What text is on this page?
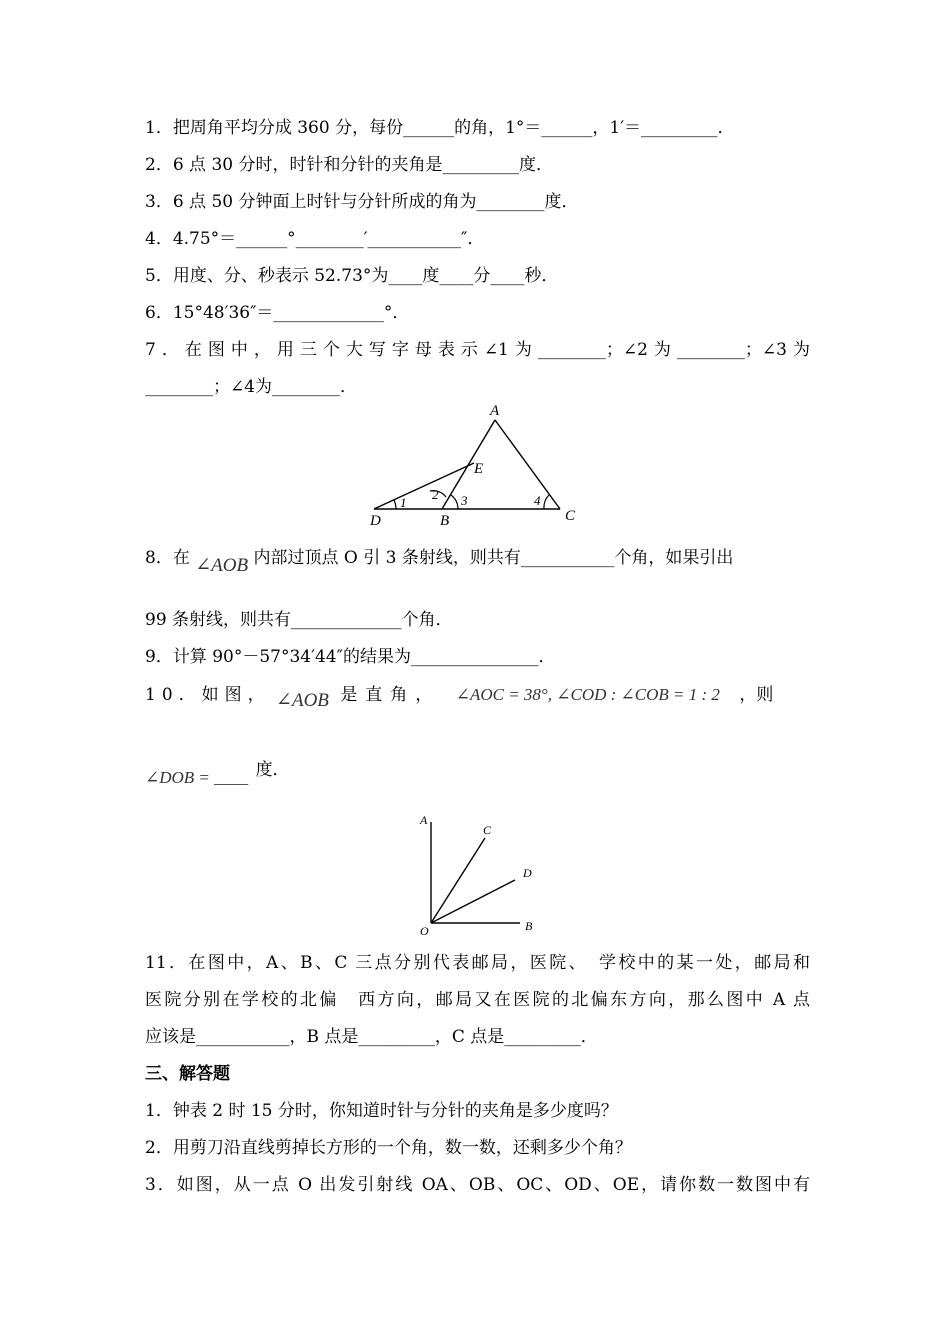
1．把周角平均分成 360 分，每份______的角，1°＝______，1′＝_________．
2．6 点 30 分时，时针和分针的夹角是_________度．
3．6 点 50 分钟面上时针与分针所成的角为________度．
4．4.75°＝______°________′___________″．
5．用度、分、秒表示 52.73°为____度____分____秒．
6．15°48′36″＝_____________°．
7．在图中，用三个大写字母表示∠1为________；∠2为________；∠3为
________；∠4为________．
A
E
D	B	C
1
2 3	4
8．在 ∠AOB 内部过顶点 O 引 3 条射线，则共有___________个角，如果引出
99 条射线，则共有_____________个角．
9．计算 90°－57°34′44″的结果为_______________．
10．如图， ∠AOB 是直角， ∠AOC = 38°, ∠COD : ∠COB = 1 : 2 ，则
∠DOB = ____ 度．
A
C
D
O	B
11．在图中，A、B、C 三点分别代表邮局，医院、　学校中的某一处，邮局和
医院分别在学校的北偏　西方向，邮局又在医院的北偏东方向，那么图中 A 点
应该是___________，B 点是_________，C 点是_________．
三、解答题
1．钟表 2 时 15 分时，你知道时针与分针的夹角是多少度吗？
2．用剪刀沿直线剪掉长方形的一个角，数一数，还剩多少个角？
3．如图，从一点 O 出发引射线 OA、OB、OC、OD、OE，请你数一数图中有
